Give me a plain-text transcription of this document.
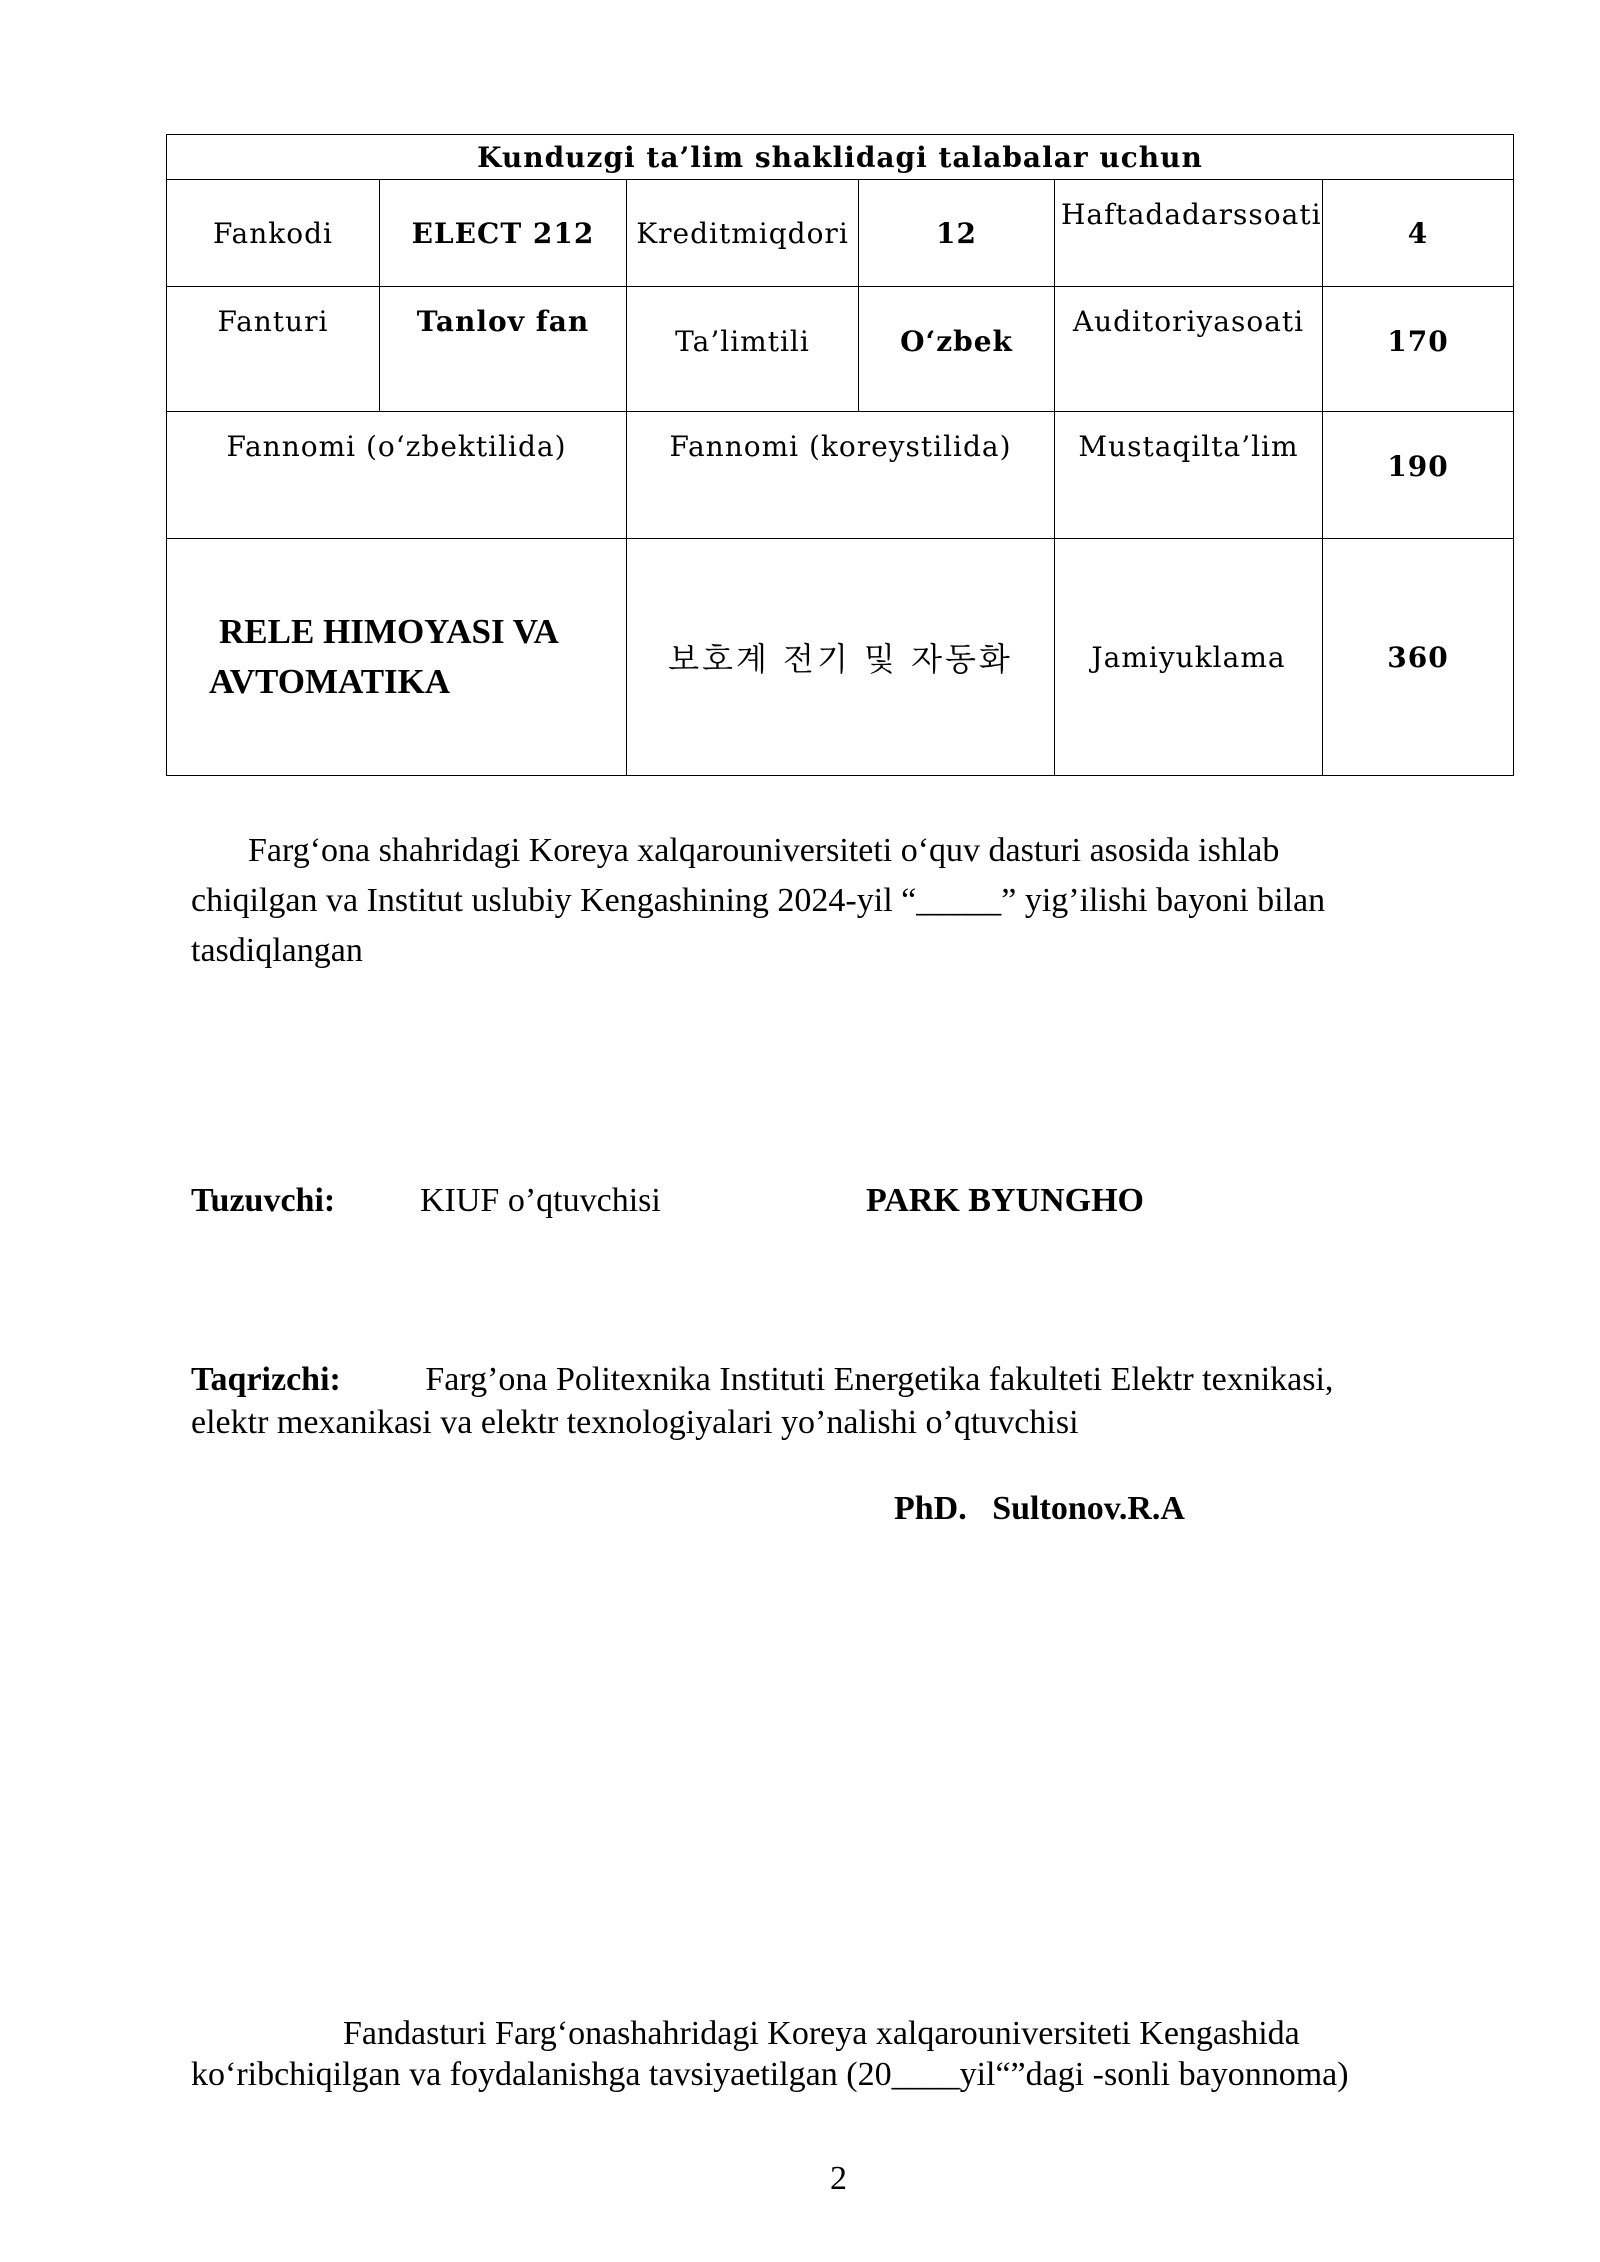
Kunduzgi ta’lim shaklidagi talabalar uchun					
Fankodi	ELECT 212	Kreditmiqdori	12	Haftadadarssoati	4
Fanturi	Tanlov fan	Ta’limtili	O‘zbek	Auditoriyasoati	170
Fannomi (o‘zbektilida)		Fannomi (koreystilida)		Mustaqilta’lim	190

RELE HIMOYASI VA
AVTOMATIKA		보호계 전기 및 자동화		Jamiyuklama	360
Farg‘ona shahridagi Koreya xalqarouniversiteti o‘quv dasturi asosida ishlab
chiqilgan va Institut uslubiy Kengashining 2024-yil “_____” yig’ilishi bayoni bilan
tasdiqlangan
Tuzuvchi: KIUF o’qtuvchisi	PARK BYUNGHO
Taqrizchi: Farg’ona Politexnika Instituti Energetika fakulteti Elektr texnikasi,
elektr mexanikasi va elektr texnologiyalari yo’nalishi o’qtuvchisi
PhD.   Sultonov.R.A
Fandasturi Farg‘onashahridagi Koreya xalqarouniversiteti Kengashida
ko‘ribchiqilgan va foydalanishga tavsiyaetilgan (20____yil“”dagi -sonli bayonnoma)
2
